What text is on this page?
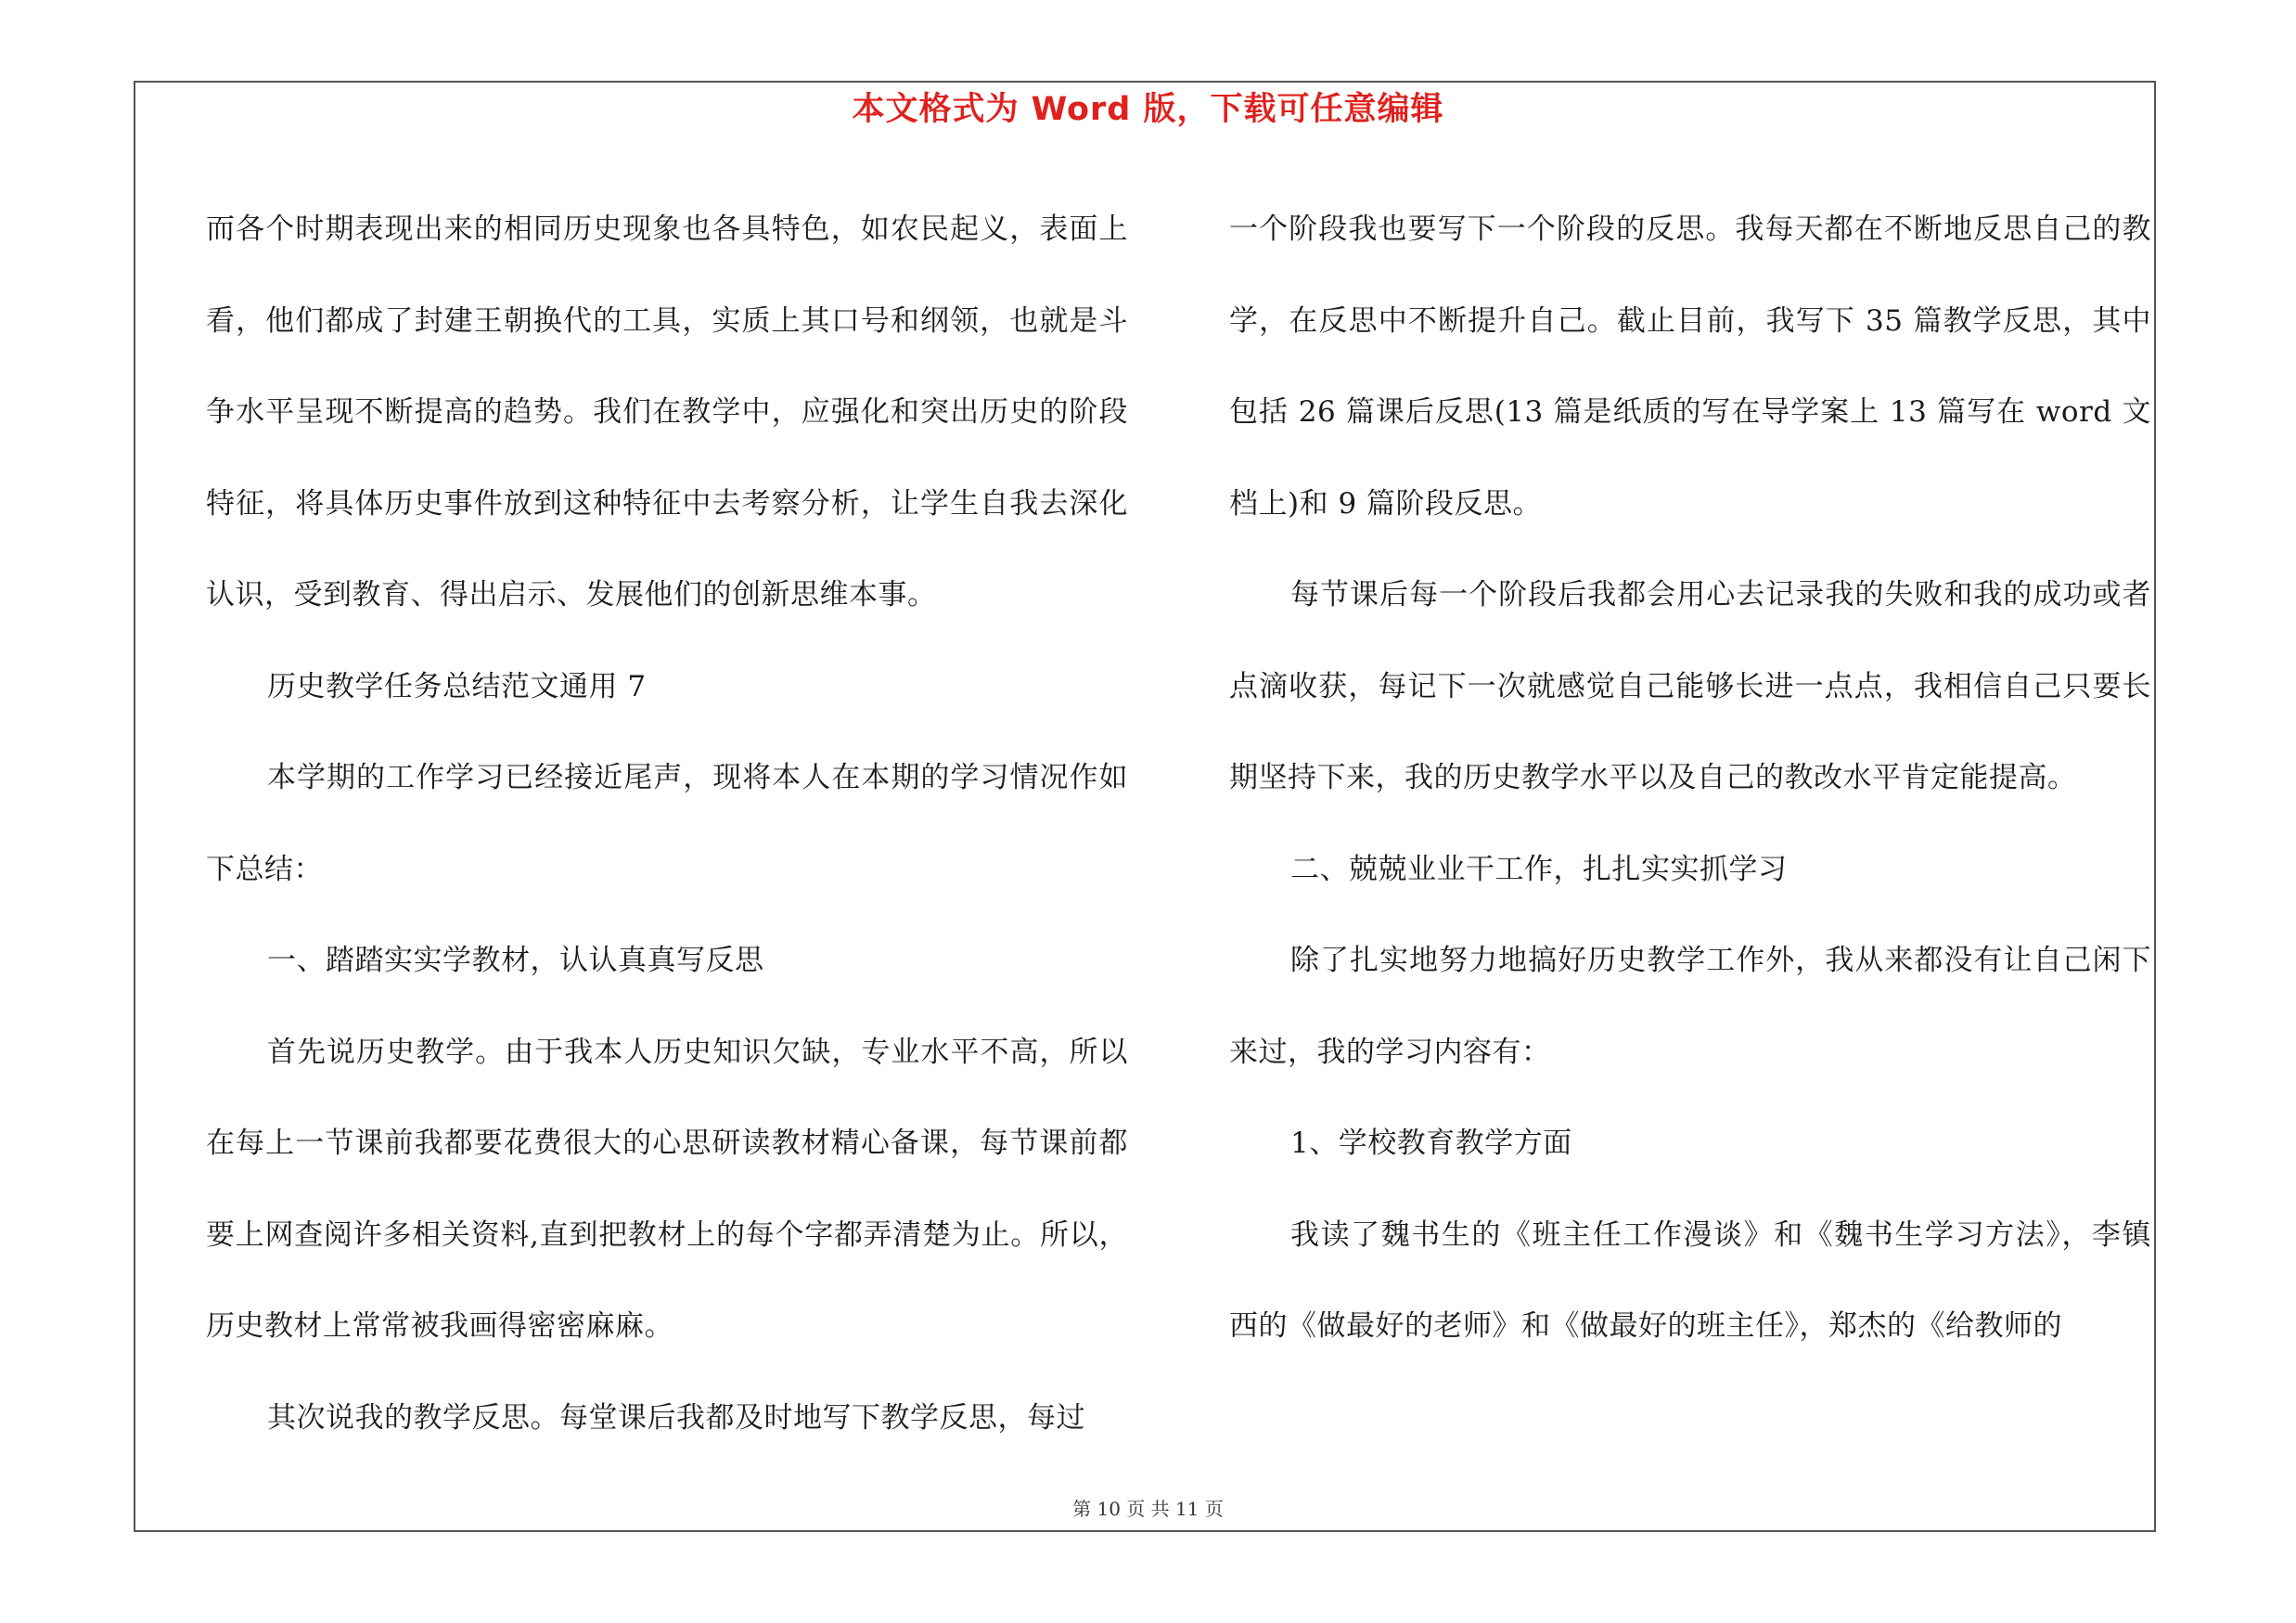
本文格式为 Word 版，下载可任意编辑

而各个时期表现出来的相同历史现象也各具特色，如农民起义，表面上看，他们都成了封建王朝换代的工具，实质上其口号和纲领，也就是斗争水平呈现不断提高的趋势。我们在教学中，应强化和突出历史的阶段特征，将具体历史事件放到这种特征中去考察分析，让学生自我去深化认识，受到教育、得出启示、发展他们的创新思维本事。

历史教学任务总结范文通用 7

本学期的工作学习已经接近尾声，现将本人在本期的学习情况作如下总结：

一、踏踏实实学教材，认认真真写反思

首先说历史教学。由于我本人历史知识欠缺，专业水平不高，所以在每上一节课前我都要花费很大的心思研读教材精心备课，每节课前都要上网查阅许多相关资料,直到把教材上的每个字都弄清楚为止。所以，历史教材上常常被我画得密密麻麻。

其次说我的教学反思。每堂课后我都及时地写下教学反思，每过

一个阶段我也要写下一个阶段的反思。我每天都在不断地反思自己的教学，在反思中不断提升自己。截止目前，我写下 35 篇教学反思，其中包括 26 篇课后反思(13 篇是纸质的写在导学案上 13 篇写在 word 文档上)和 9 篇阶段反思。

每节课后每一个阶段后我都会用心去记录我的失败和我的成功或者点滴收获，每记下一次就感觉自己能够长进一点点，我相信自己只要长期坚持下来，我的历史教学水平以及自己的教改水平肯定能提高。

二、兢兢业业干工作，扎扎实实抓学习

除了扎实地努力地搞好历史教学工作外，我从来都没有让自己闲下来过，我的学习内容有：

1、学校教育教学方面

我读了魏书生的《班主任工作漫谈》和《魏书生学习方法》，李镇西的《做最好的老师》和《做最好的班主任》，郑杰的《给教师的

第 10 页 共 11 页
